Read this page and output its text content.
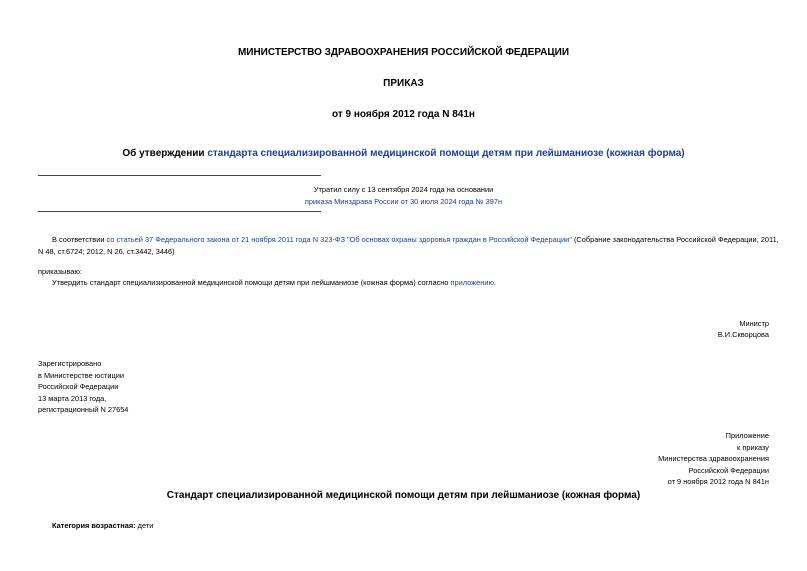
МИНИСТЕРСТВО ЗДРАВООХРАНЕНИЯ РОССИЙСКОЙ ФЕДЕРАЦИИ
ПРИКАЗ
от 9 ноября 2012 года N 841н
Об утверждении стандарта специализированной медицинской помощи детям при лейшманиозе (кожная форма)
Утратил силу с 13 сентября 2024 года на основании
приказа Минздрава России от 30 июля 2024 года № 397н
В соответствии со статьей 37 Федерального закона от 21 ноября 2011 года N 323-ФЗ "Об основах охраны здоровья граждан в Российской Федерации" (Собрание законодательства Российской Федерации, 2011,
N 48, ст.6724; 2012, N 26, ст.3442, 3446)
приказываю:
Утвердить стандарт специализированной медицинской помощи детям при лейшманиозе (кожная форма) согласно приложению.
Министр
В.И.Скворцова
Зарегистрировано
в Министерстве юстиции
Российской Федерации
13 марта 2013 года,
регистрационный N 27654
Приложение
к приказу
Министерства здравоохранения
Российской Федерации
от 9 ноября 2012 года N 841н
Стандарт специализированной медицинской помощи детям при лейшманиозе (кожная форма)
Категория возрастная: дети
